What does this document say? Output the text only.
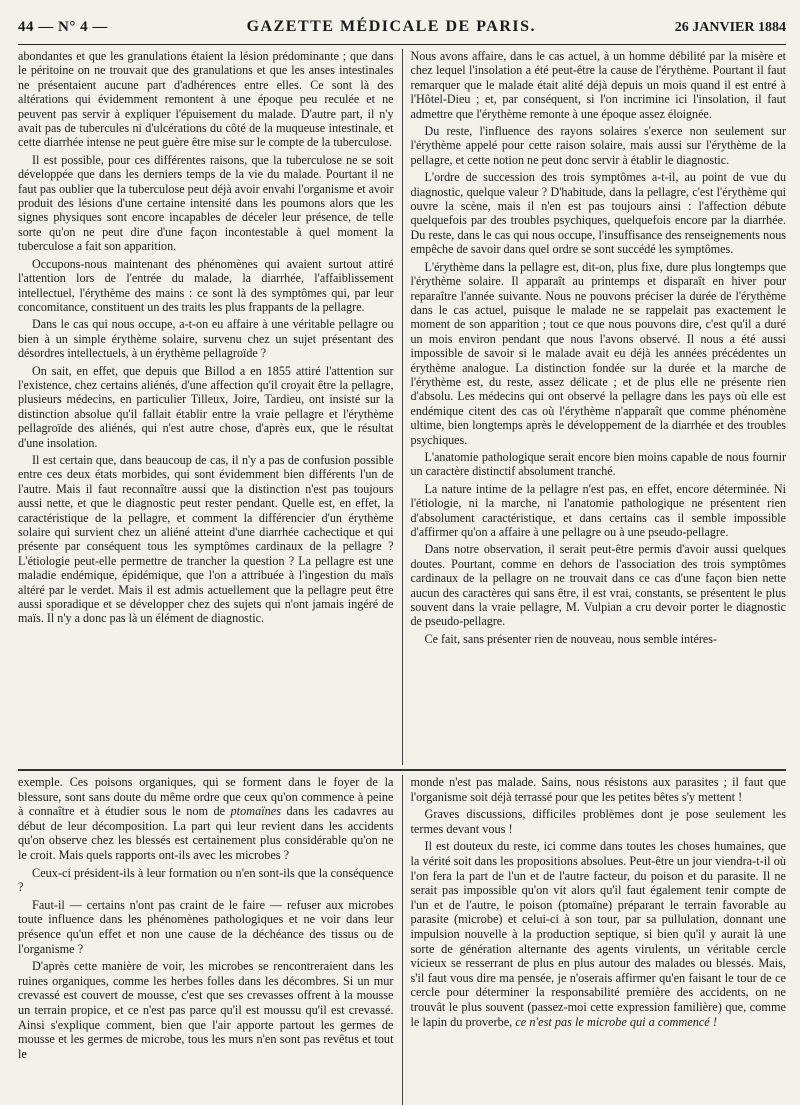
44 — N° 4 —	GAZETTE MÉDICALE DE PARIS.	26 JANVIER 1884

abondantes et que les granulations étaient la lésion prédominante ; que dans le péritoine on ne trouvait que des granulations et que les anses intestinales ne présentaient aucune part d'adhérences entre elles. Ce sont là des altérations qui évidemment remontent à une époque peu reculée et ne peuvent pas servir à expliquer l'épuisement du malade. D'autre part, il n'y avait pas de tubercules ni d'ulcérations du côté de la muqueuse intestinale, et cette diarrhée intense ne peut guère être mise sur le compte de la tuberculose.

Il est possible, pour ces différentes raisons, que la tuberculose ne se soit développée que dans les derniers temps de la vie du malade. Pourtant il ne faut pas oublier que la tuberculose peut déjà avoir envahi l'organisme et avoir produit des lésions d'une certaine intensité dans les poumons alors que les signes physiques sont encore incapables de déceler leur présence, de telle sorte qu'on ne peut dire d'une façon incontestable à quel moment la tuberculose a fait son apparition.

Occupons-nous maintenant des phénomènes qui avaient surtout attiré l'attention lors de l'entrée du malade, la diarrhée, l'affaiblissement intellectuel, l'érythème des mains : ce sont là des symptômes qui, par leur concomitance, constituent un des traits les plus frappants de la pellagre.

Dans le cas qui nous occupe, a-t-on eu affaire à une véritable pellagre ou bien à un simple érythème solaire, survenu chez un sujet présentant des désordres intellectuels, à un érythème pellagroïde ?

On sait, en effet, que depuis que Billod a en 1855 attiré l'attention sur l'existence, chez certains aliénés, d'une affection qu'il croyait être la pellagre, plusieurs médecins, en particulier Tilleux, Joire, Tardieu, ont insisté sur la distinction absolue qu'il fallait établir entre la vraie pellagre et l'érythème pellagroïde des aliénés, qui n'est autre chose, d'après eux, que le résultat d'une insolation.

Il est certain que, dans beaucoup de cas, il n'y a pas de confusion possible entre ces deux états morbides, qui sont évidemment bien différents l'un de l'autre. Mais il faut reconnaître aussi que la distinction n'est pas toujours aussi nette, et que le diagnostic peut rester pendant. Quelle est, en effet, la caractéristique de la pellagre, et comment la différencier d'un érythème solaire qui survient chez un aliéné atteint d'une diarrhée cachectique et qui présente par conséquent tous les symptômes cardinaux de la pellagre ? L'étiologie peut-elle permettre de trancher la question ? La pellagre est une maladie endémique, épidémique, que l'on a attribuée à l'ingestion du maïs altéré par le verdet. Mais il est admis actuellement que la pellagre peut être aussi sporadique et se développer chez des sujets qui n'ont jamais ingéré de maïs. Il n'y a donc pas là un élément de diagnostic.

Nous avons affaire, dans le cas actuel, à un homme débilité par la misère et chez lequel l'insolation a été peut-être la cause de l'érythème. Pourtant il faut remarquer que le malade était alité déjà depuis un mois quand il est entré à l'Hôtel-Dieu ; et, par conséquent, si l'on incrimine ici l'insolation, il faut admettre que l'érythème remonte à une époque assez éloignée.

Du reste, l'influence des rayons solaires s'exerce non seulement sur l'érythème appelé pour cette raison solaire, mais aussi sur l'érythème de la pellagre, et cette notion ne peut donc servir à établir le diagnostic.

L'ordre de succession des trois symptômes a-t-il, au point de vue du diagnostic, quelque valeur ? D'habitude, dans la pellagre, c'est l'érythème qui ouvre la scène, mais il n'en est pas toujours ainsi : l'affection débute quelquefois par des troubles psychiques, quelquefois encore par la diarrhée. Du reste, dans le cas qui nous occupe, l'insuffisance des renseignements nous empêche de savoir dans quel ordre se sont succédé les symptômes.

L'érythème dans la pellagre est, dit-on, plus fixe, dure plus longtemps que l'érythème solaire. Il apparaît au printemps et disparaît en hiver pour reparaître l'année suivante. Nous ne pouvons préciser la durée de l'érythème dans le cas actuel, puisque le malade ne se rappelait pas exactement le moment de son apparition ; tout ce que nous pouvons dire, c'est qu'il a duré un mois environ pendant que nous l'avons observé. Il nous a été aussi impossible de savoir si le malade avait eu déjà les années précédentes un érythème analogue. La distinction fondée sur la durée et la marche de l'érythème est, du reste, assez délicate ; et de plus elle ne présente rien d'absolu. Les médecins qui ont observé la pellagre dans les pays où elle est endémique citent des cas où l'érythème n'apparaît que comme phénomène ultime, bien longtemps après le développement de la diarrhée et des troubles psychiques.

L'anatomie pathologique serait encore bien moins capable de nous fournir un caractère distinctif absolument tranché.

La nature intime de la pellagre n'est pas, en effet, encore déterminée. Ni l'étiologie, ni la marche, ni l'anatomie pathologique ne présentent rien d'absolument caractéristique, et dans certains cas il semble impossible d'affirmer qu'on a affaire à une pellagre ou à une pseudo-pellagre.

Dans notre observation, il serait peut-être permis d'avoir aussi quelques doutes. Pourtant, comme en dehors de l'association des trois symptômes cardinaux de la pellagre on ne trouvait dans ce cas d'une façon bien nette aucun des caractères qui sans être, il est vrai, constants, se présentent le plus souvent dans la vraie pellagre, M. Vulpian a cru devoir porter le diagnostic de pseudo-pellagre.

Ce fait, sans présenter rien de nouveau, nous semble intéres-

exemple. Ces poisons organiques, qui se forment dans le foyer de la blessure, sont sans doute du même ordre que ceux qu'on commence à peine à connaître et à étudier sous le nom de ptomaïnes dans les cadavres au début de leur décomposition. La part qui leur revient dans les accidents qu'on observe chez les blessés est certainement plus considérable qu'on ne le croit. Mais quels rapports ont-ils avec les microbes ?

Ceux-ci président-ils à leur formation ou n'en sont-ils que la conséquence ?

Faut-il — certains n'ont pas craint de le faire — refuser aux microbes toute influence dans les phénomènes pathologiques et ne voir dans leur présence qu'un effet et non une cause de la déchéance des tissus ou de l'organisme ?

D'après cette manière de voir, les microbes se rencontreraient dans les ruines organiques, comme les herbes folles dans les décombres. Si un mur crevassé est couvert de mousse, c'est que ses crevasses offrent à la mousse un terrain propice, et ce n'est pas parce qu'il est moussu qu'il est crevassé. Ainsi s'explique comment, bien que l'air apporte partout les germes de mousse et les germes de microbe, tous les murs n'en sont pas revêtus et tout le

monde n'est pas malade. Sains, nous résistons aux parasites ; il faut que l'organisme soit déjà terrassé pour que les petites bêtes s'y mettent !

Graves discussions, difficiles problèmes dont je pose seulement les termes devant vous !

Il est douteux du reste, ici comme dans toutes les choses humaines, que la vérité soit dans les propositions absolues. Peut-être un jour viendra-t-il où l'on fera la part de l'un et de l'autre facteur, du poison et du parasite. Il ne serait pas impossible qu'on vit alors qu'il faut également tenir compte de l'un et de l'autre, le poison (ptomaïne) préparant le terrain favorable au parasite (microbe) et celui-ci à son tour, par sa pullulation, donnant une impulsion nouvelle à la production septique, si bien qu'il y aurait là une sorte de génération alternante des agents virulents, un véritable cercle vicieux se resserrant de plus en plus autour des malades ou blessés. Mais, s'il faut vous dire ma pensée, je n'oserais affirmer qu'en faisant le tour de ce cercle pour déterminer la responsabilité première des accidents, on ne trouvât le plus souvent (passez-moi cette expression familière) que, comme le lapin du proverbe, ce n'est pas le microbe qui a commencé !
